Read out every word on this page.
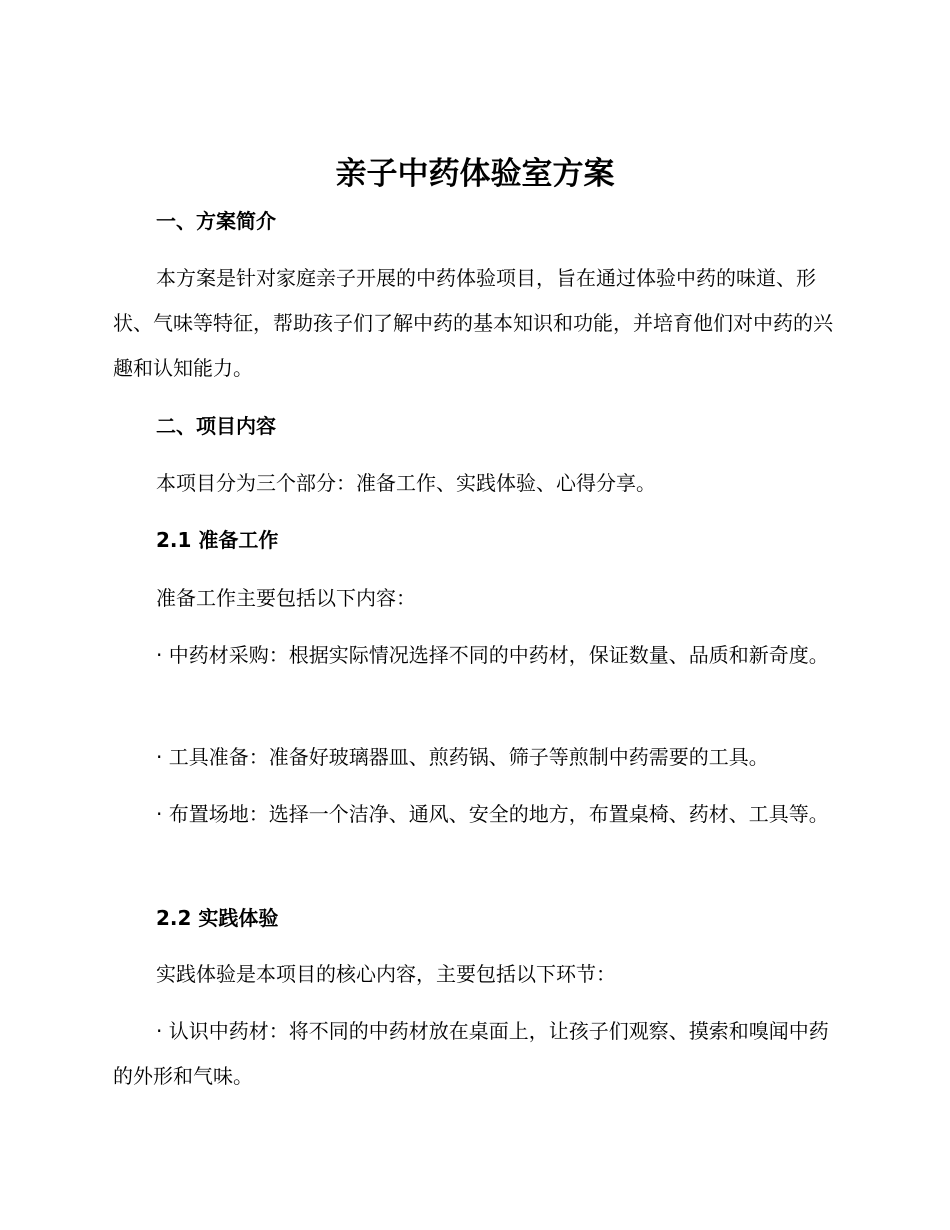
亲子中药体验室方案
一、方案简介

本方案是针对家庭亲子开展的中药体验项目，旨在通过体验中药的味道、形状、气味等特征，帮助孩子们了解中药的基本知识和功能，并培育他们对中药的兴趣和认知能力。

二、项目内容

本项目分为三个部分：准备工作、实践体验、心得分享。

2.1 准备工作

准备工作主要包括以下内容：

· 中药材采购：根据实际情况选择不同的中药材，保证数量、品质和新奇度。

· 工具准备：准备好玻璃器皿、煎药锅、筛子等煎制中药需要的工具。

· 布置场地：选择一个洁净、通风、安全的地方，布置桌椅、药材、工具等。

2.2 实践体验

实践体验是本项目的核心内容，主要包括以下环节：

· 认识中药材：将不同的中药材放在桌面上，让孩子们观察、摸索和嗅闻中药的外形和气味。
